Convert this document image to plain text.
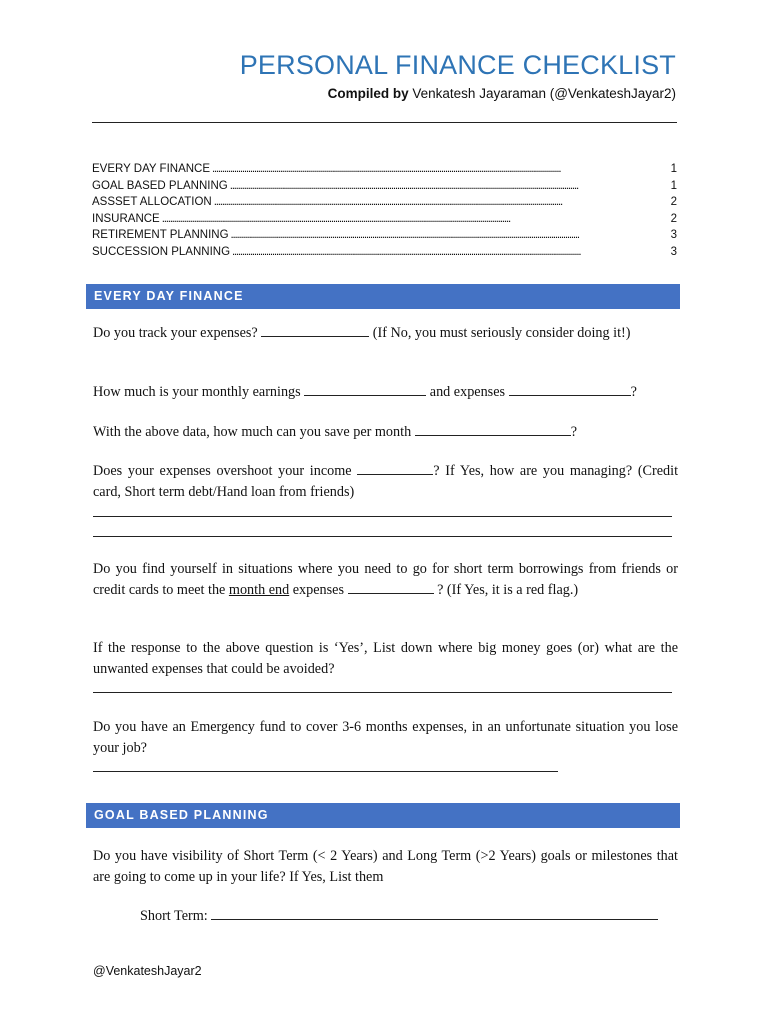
PERSONAL FINANCE CHECKLIST
Compiled by Venkatesh Jayaraman (@VenkateshJayar2)
EVERY DAY FINANCE . . .	1
GOAL BASED PLANNING . . .	1
ASSSET ALLOCATION . . .	2
INSURANCE . . .	2
RETIREMENT PLANNING . . .	3
SUCCESSION PLANNING . . .	3
EVERY DAY FINANCE
Do you track your expenses?	(If No, you must seriously consider doing it!)
How much is your monthly earnings	and expenses	?
With the above data, how much can you save per month	?
Does your expenses overshoot your income	? If Yes, how are you managing? (Credit card, Short term debt/Hand loan from friends)
Do you find yourself in situations where you need to go for short term borrowings from friends or credit cards to meet the month end expenses	? (If Yes, it is a red flag.)
If the response to the above question is ‘Yes’, List down where big money goes (or) what are the unwanted expenses that could be avoided?
Do you have an Emergency fund to cover 3-6 months expenses, in an unfortunate situation you lose your job?
GOAL BASED PLANNING
Do you have visibility of Short Term (< 2 Years) and Long Term (>2 Years) goals or milestones that are going to come up in your life? If Yes, List them
Short Term:
@VenkateshJayar2
